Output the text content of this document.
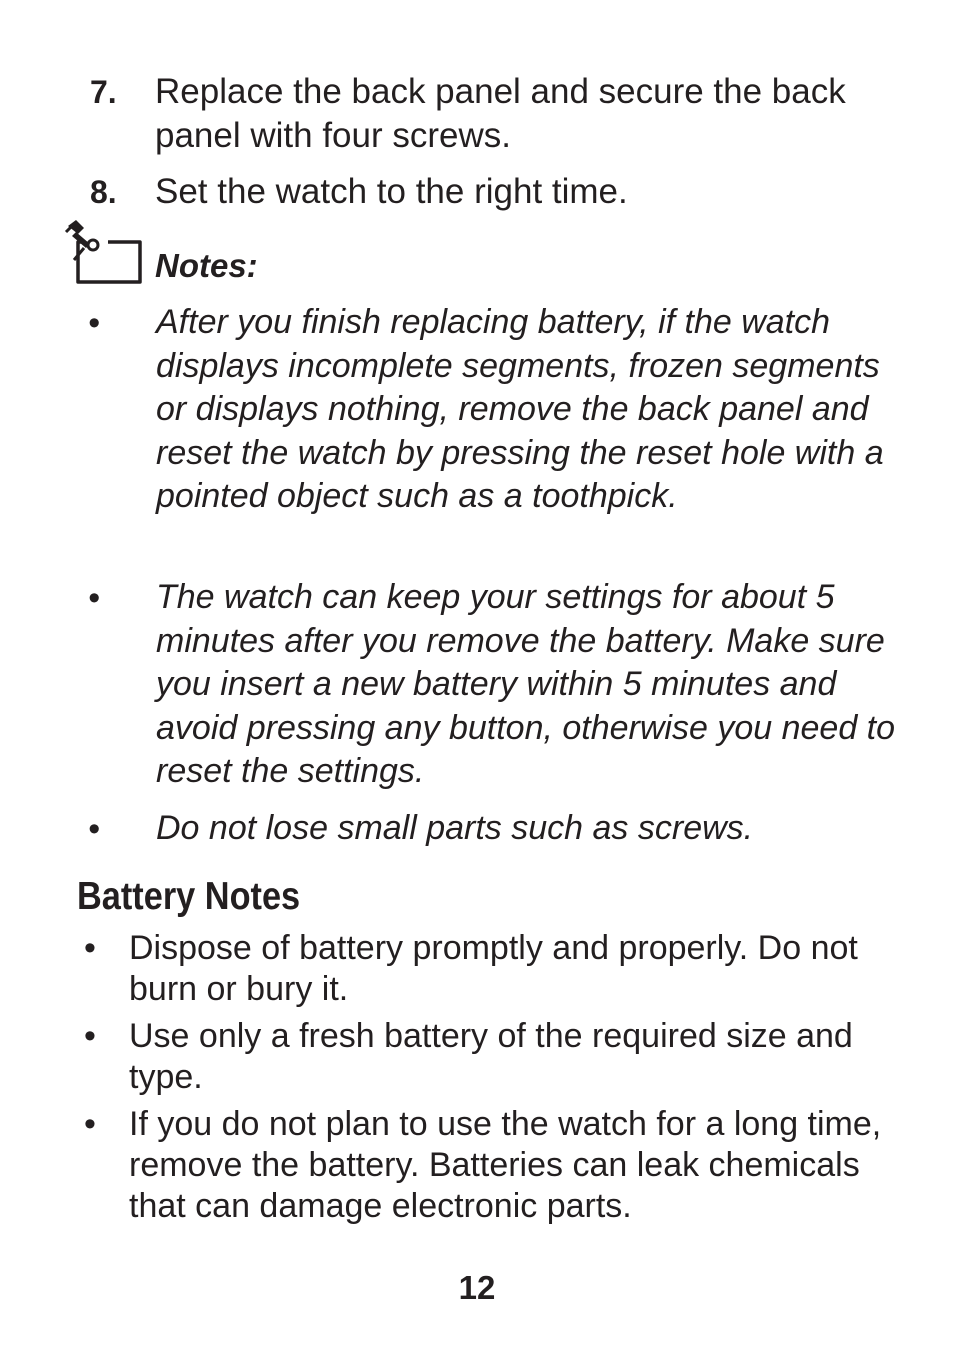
7. Replace the back panel and secure the back panel with four screws.
8. Set the watch to the right time.
Notes:
• After you finish replacing battery, if the watch displays incomplete segments, frozen segments or displays nothing, remove the back panel and reset the watch by pressing the reset hole with a pointed object such as a toothpick.
• The watch can keep your settings for about 5 minutes after you remove the battery. Make sure you insert a new battery within 5 minutes and avoid pressing any button, otherwise you need to reset the settings.
• Do not lose small parts such as screws.
Battery Notes
• Dispose of battery promptly and properly. Do not burn or bury it.
• Use only a fresh battery of the required size and type.
• If you do not plan to use the watch for a long time, remove the battery. Batteries can leak chemicals that can damage electronic parts.
12
